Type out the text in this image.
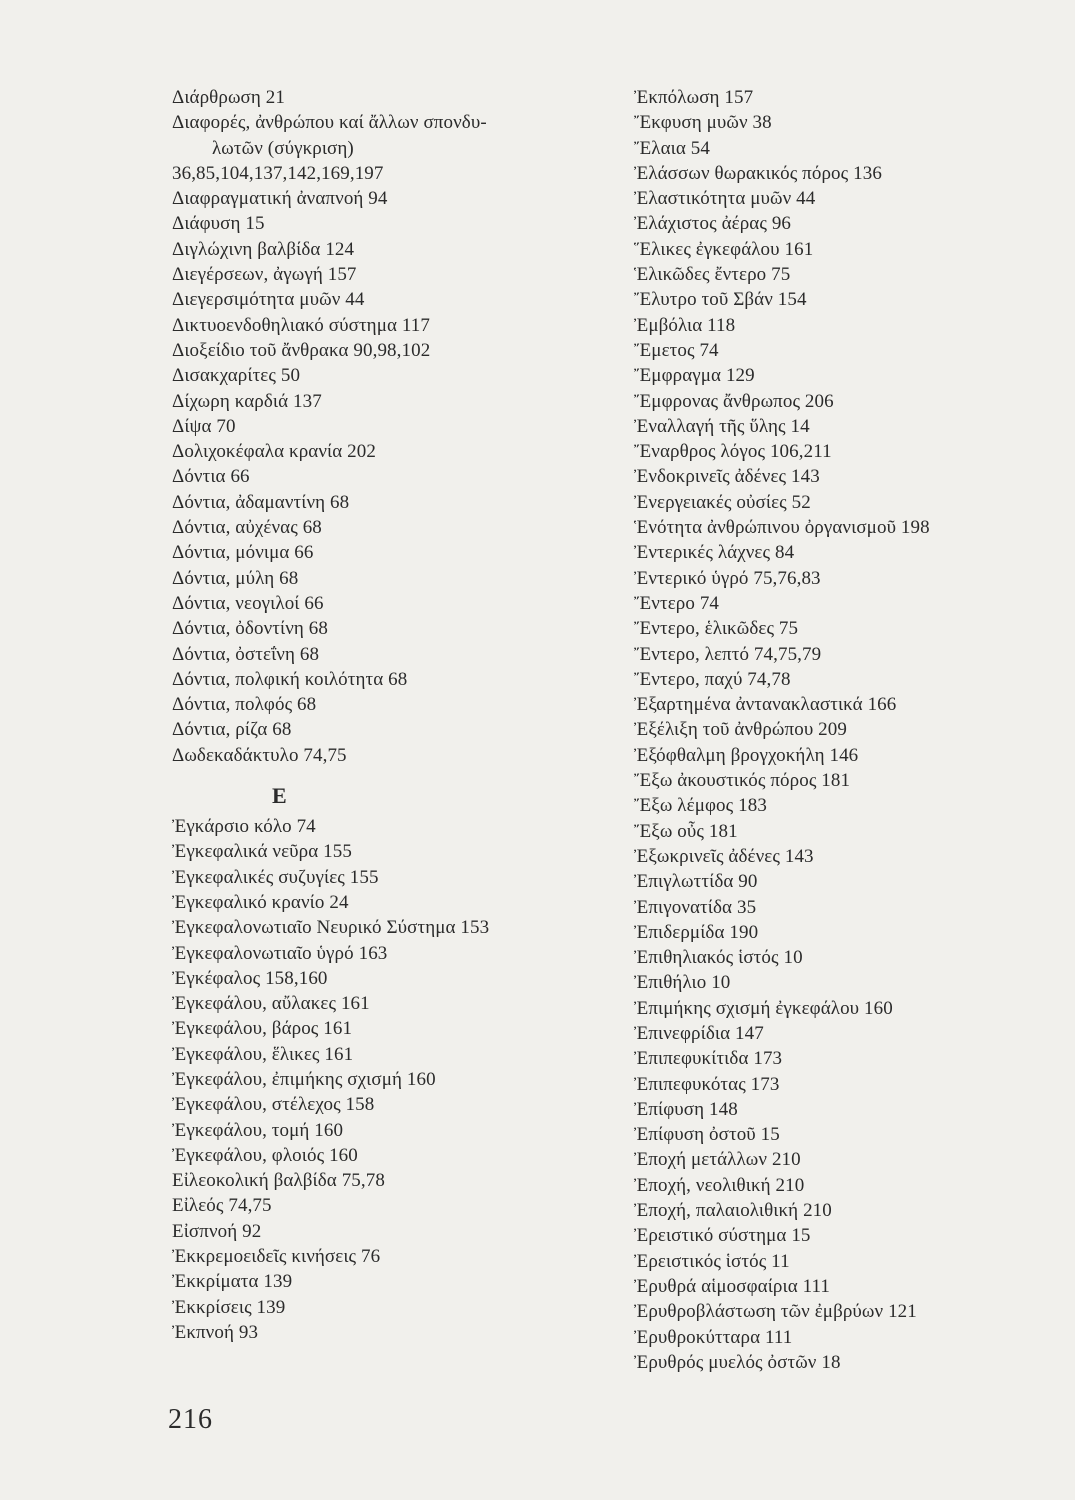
Διάρθρωση 21
Διαφορές, ἀνθρώπου καί ἄλλων σπονδυ-
λωτῶν (σύγκριση)
36,85,104,137,142,169,197
Διαφραγματική ἀναπνοή 94
Διάφυση 15
Διγλώχινη βαλβίδα 124
Διεγέρσεων, ἀγωγή 157
Διεγερσιμότητα μυῶν 44
Δικτυοενδοθηλιακό σύστημα 117
Διοξείδιο τοῦ ἄνθρακα 90,98,102
Δισακχαρίτες 50
Δίχωρη καρδιά 137
Δίψα 70
Δολιχοκέφαλα κρανία 202
Δόντια 66
Δόντια, ἀδαμαντίνη 68
Δόντια, αὐχένας 68
Δόντια, μόνιμα 66
Δόντια, μύλη 68
Δόντια, νεογιλοί 66
Δόντια, ὀδοντίνη 68
Δόντια, ὀστεΐνη 68
Δόντια, πολφική κοιλότητα 68
Δόντια, πολφός 68
Δόντια, ρίζα 68
Δωδεκαδάκτυλο 74,75
Ε
Ἐγκάρσιο κόλο 74
Ἐγκεφαλικά νεῦρα 155
Ἐγκεφαλικές συζυγίες 155
Ἐγκεφαλικό κρανίο 24
Ἐγκεφαλονωτιαῖο Νευρικό Σύστημα 153
Ἐγκεφαλονωτιαῖο ὑγρό 163
Ἐγκέφαλος 158,160
Ἐγκεφάλου, αὔλακες 161
Ἐγκεφάλου, βάρος 161
Ἐγκεφάλου, ἕλικες 161
Ἐγκεφάλου, ἐπιμήκης σχισμή 160
Ἐγκεφάλου, στέλεχος 158
Ἐγκεφάλου, τομή 160
Ἐγκεφάλου, φλοιός 160
Εἰλεοκολική βαλβίδα 75,78
Εἰλεός 74,75
Εἰσπνοή 92
Ἐκκρεμοειδεῖς κινήσεις 76
Ἐκκρίματα 139
Ἐκκρίσεις 139
Ἐκπνοή 93
Ἐκπόλωση 157
Ἔκφυση μυῶν 38
Ἔλαια 54
Ἐλάσσων θωρακικός πόρος 136
Ἐλαστικότητα μυῶν 44
Ἐλάχιστος ἀέρας 96
Ἕλικες ἐγκεφάλου 161
Ἑλικῶδες ἔντερο 75
Ἔλυτρο τοῦ Σβάν 154
Ἐμβόλια 118
Ἔμετος 74
Ἔμφραγμα 129
Ἔμφρονας ἄνθρωπος 206
Ἐναλλαγή τῆς ὕλης 14
Ἔναρθρος λόγος 106,211
Ἐνδοκρινεῖς ἀδένες 143
Ἐνεργειακές οὐσίες 52
Ἑνότητα ἀνθρώπινου ὀργανισμοῦ 198
Ἐντερικές λάχνες 84
Ἐντερικό ὑγρό 75,76,83
Ἔντερο 74
Ἔντερο, ἑλικῶδες 75
Ἔντερο, λεπτό 74,75,79
Ἔντερο, παχύ 74,78
Ἐξαρτημένα ἀντανακλαστικά 166
Ἐξέλιξη τοῦ ἀνθρώπου 209
Ἐξόφθαλμη βρογχοκήλη 146
Ἔξω ἀκουστικός πόρος 181
Ἔξω λέμφος 183
Ἔξω οὖς 181
Ἐξωκρινεῖς ἀδένες 143
Ἐπιγλωττίδα 90
Ἐπιγονατίδα 35
Ἐπιδερμίδα 190
Ἐπιθηλιακός ἱστός 10
Ἐπιθήλιο 10
Ἐπιμήκης σχισμή ἐγκεφάλου 160
Ἐπινεφρίδια 147
Ἐπιπεφυκίτιδα 173
Ἐπιπεφυκότας 173
Ἐπίφυση 148
Ἐπίφυση ὀστοῦ 15
Ἐποχή μετάλλων 210
Ἐποχή, νεολιθική 210
Ἐποχή, παλαιολιθική 210
Ἐρειστικό σύστημα 15
Ἐρειστικός ἱστός 11
Ἐρυθρά αἱμοσφαίρια 111
Ἐρυθροβλάστωση τῶν ἐμβρύων 121
Ἐρυθροκύτταρα 111
Ἐρυθρός μυελός ὀστῶν 18
216
